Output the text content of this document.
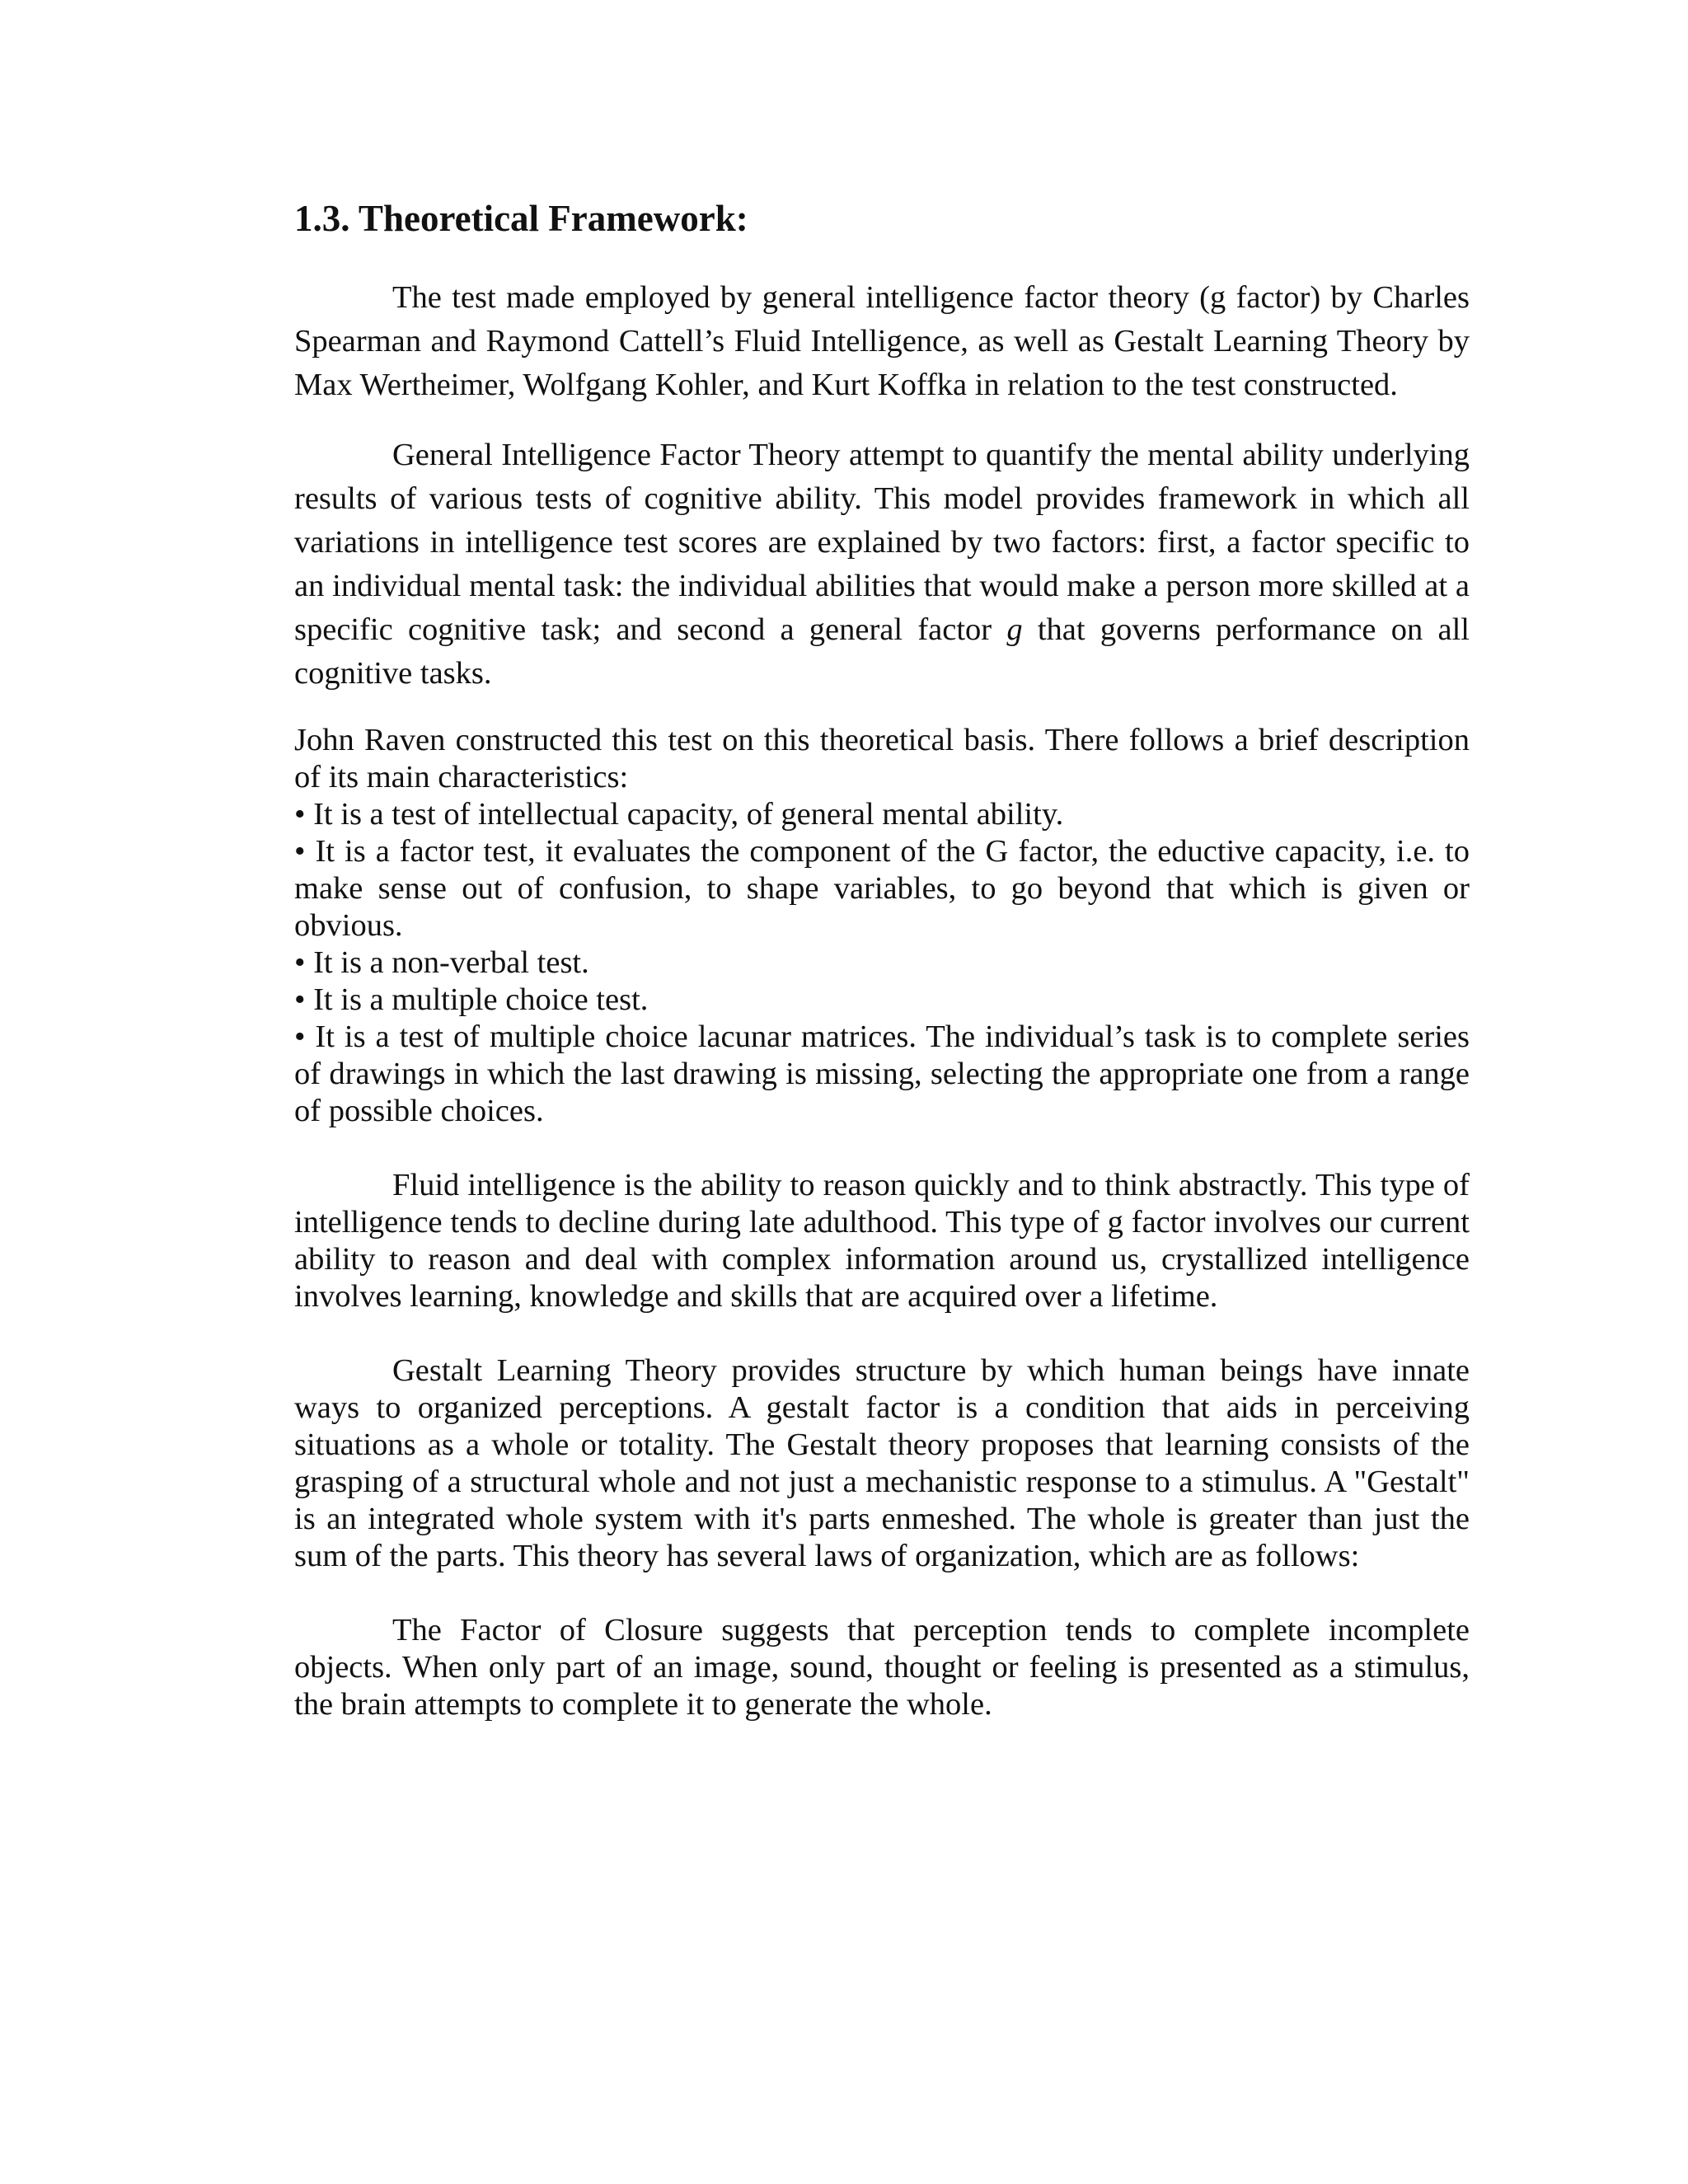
1.3. Theoretical Framework:

The test made employed by general intelligence factor theory (g factor) by Charles Spearman and Raymond Cattell’s Fluid Intelligence, as well as Gestalt Learning Theory by Max Wertheimer, Wolfgang Kohler, and Kurt Koffka in relation to the test constructed.

General Intelligence Factor Theory attempt to quantify the mental ability underlying results of various tests of cognitive ability. This model provides framework in which all variations in intelligence test scores are explained by two factors: first, a factor specific to an individual mental task: the individual abilities that would make a person more skilled at a specific cognitive task; and second a general factor g that governs performance on all cognitive tasks.

John Raven constructed this test on this theoretical basis. There follows a brief description of its main characteristics:

• It is a test of intellectual capacity, of general mental ability.
• It is a factor test, it evaluates the component of the G factor, the eductive capacity, i.e. to make sense out of confusion, to shape variables, to go beyond that which is given or obvious.
• It is a non-verbal test.
• It is a multiple choice test.
• It is a test of multiple choice lacunar matrices. The individual’s task is to complete series of drawings in which the last drawing is missing, selecting the appropriate one from a range of possible choices.

Fluid intelligence is the ability to reason quickly and to think abstractly. This type of intelligence tends to decline during late adulthood. This type of g factor involves our current ability to reason and deal with complex information around us, crystallized intelligence involves learning, knowledge and skills that are acquired over a lifetime.

Gestalt Learning Theory provides structure by which human beings have innate ways to organized perceptions. A gestalt factor is a condition that aids in perceiving situations as a whole or totality. The Gestalt theory proposes that learning consists of the grasping of a structural whole and not just a mechanistic response to a stimulus. A "Gestalt" is an integrated whole system with it's parts enmeshed. The whole is greater than just the sum of the parts. This theory has several laws of organization, which are as follows:

The Factor of Closure suggests that perception tends to complete incomplete objects. When only part of an image, sound, thought or feeling is presented as a stimulus, the brain attempts to complete it to generate the whole.
